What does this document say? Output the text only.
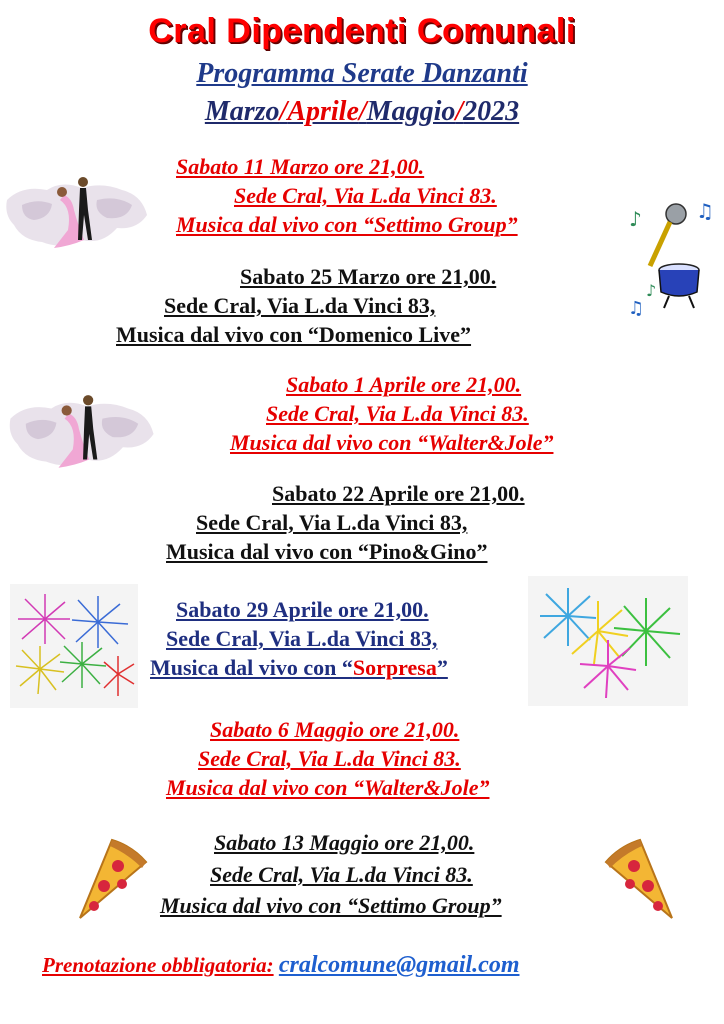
Cral Dipendenti Comunali
Programma Serate Danzanti
Marzo/Aprile/Maggio/2023
Sabato 11 Marzo ore 21,00.
Sede Cral, Via L.da Vinci 83.
Musica dal vivo con “Settimo Group”
Sabato 25 Marzo ore 21,00.
Sede Cral, Via L.da Vinci 83,
Musica dal vivo con “Domenico Live”
Sabato 1 Aprile ore 21,00.
Sede Cral, Via L.da Vinci 83.
Musica dal vivo con “Walter&Jole”
Sabato 22 Aprile ore 21,00.
Sede Cral, Via L.da Vinci 83,
Musica dal vivo con “Pino&Gino”
Sabato 29 Aprile ore 21,00.
Sede Cral, Via L.da Vinci 83,
Musica dal vivo con “Sorpresa”
Sabato 6 Maggio ore 21,00.
Sede Cral, Via L.da Vinci 83.
Musica dal vivo con “Walter&Jole”
Sabato 13 Maggio ore 21,00.
Sede Cral, Via L.da Vinci 83.
Musica dal vivo con “Settimo Group”
Prenotazione obbligatoria: cralcomune@gmail.com
♪	♫
♫
♪
